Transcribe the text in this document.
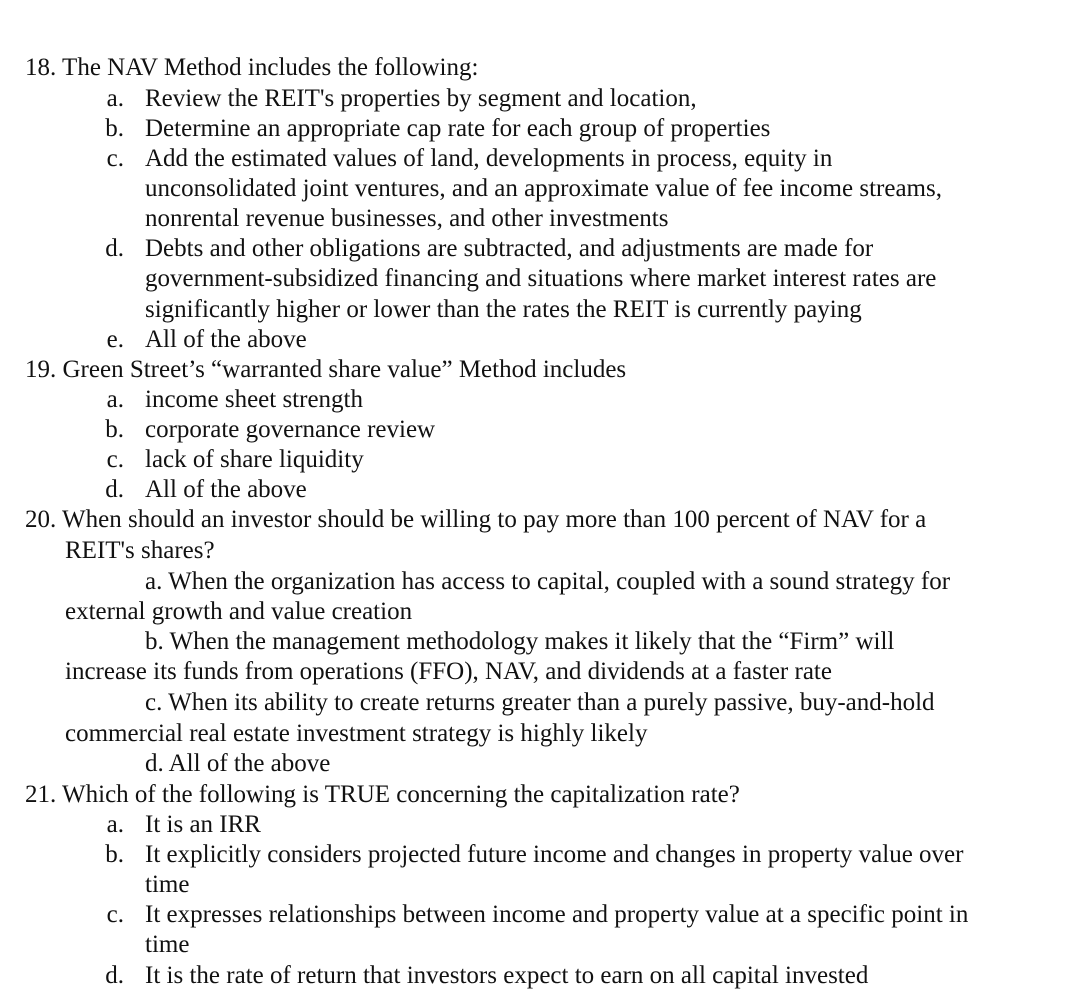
18. The NAV Method includes the following:
a. Review the REIT's properties by segment and location,
b. Determine an appropriate cap rate for each group of properties
c. Add the estimated values of land, developments in process, equity in
unconsolidated joint ventures, and an approximate value of fee income streams,
nonrental revenue businesses, and other investments
d. Debts and other obligations are subtracted, and adjustments are made for
government-subsidized financing and situations where market interest rates are
significantly higher or lower than the rates the REIT is currently paying
e. All of the above
19. Green Street’s “warranted share value” Method includes
a. income sheet strength
b. corporate governance review
c. lack of share liquidity
d. All of the above
20. When should an investor should be willing to pay more than 100 percent of NAV for a
REIT's shares?
a. When the organization has access to capital, coupled with a sound strategy for
external growth and value creation
b. When the management methodology makes it likely that the “Firm” will
increase its funds from operations (FFO), NAV, and dividends at a faster rate
c. When its ability to create returns greater than a purely passive, buy-and-hold
commercial real estate investment strategy is highly likely
d. All of the above
21. Which of the following is TRUE concerning the capitalization rate?
a. It is an IRR
b. It explicitly considers projected future income and changes in property value over
time
c. It expresses relationships between income and property value at a specific point in
time
d. It is the rate of return that investors expect to earn on all capital invested
